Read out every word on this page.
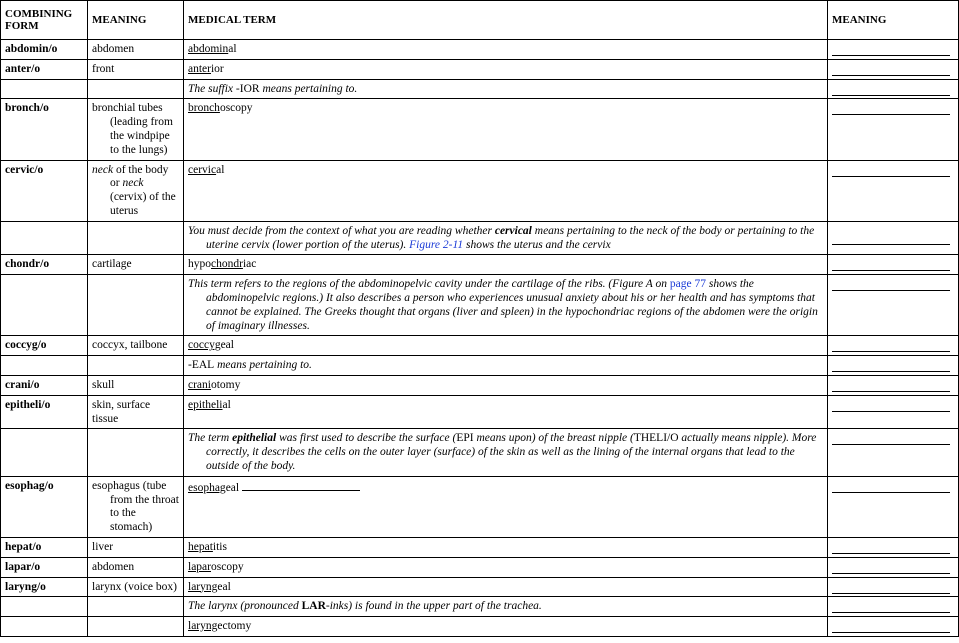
COMBINING FORM	MEANING	MEDICAL TERM	MEANING
abdomin/o	abdomen	abdominal	

anter/o	front	anterior	

		The suffix -IOR means pertaining to.	

bronch/o	bronchial tubes (leading from the windpipe to the lungs)	bronchoscopy	

cervic/o	neck of the body or neck (cervix) of the uterus	cervical	

		You must decide from the context of what you are reading whether cervical means pertaining to the neck of the body or pertaining to the uterine cervix (lower portion of the uterus). Figure 2-11 shows the uterus and the cervix	

chondr/o	cartilage	hypochondriac	

		This term refers to the regions of the abdominopelvic cavity under the cartilage of the ribs. (Figure A on page 77 shows the abdominopelvic regions.) It also describes a person who experiences unusual anxiety about his or her health and has symptoms that cannot be explained. The Greeks thought that organs (liver and spleen) in the hypochondriac regions of the abdomen were the origin of imaginary illnesses.	

coccyg/o	coccyx, tailbone	coccygeal	

		-EAL means pertaining to.	

crani/o	skull	craniotomy	

epitheli/o	skin, surface tissue	epithelial	

		The term epithelial was first used to describe the surface (EPI means upon) of the breast nipple (THELI/O actually means nipple). More correctly, it describes the cells on the outer layer (surface) of the skin as well as the lining of the internal organs that lead to the outside of the body.	

esophag/o	esophagus (tube from the throat to the stomach)	esophageal	

hepat/o	liver	hepatitis	

lapar/o	abdomen	laparoscopy	

laryng/o	larynx (voice box)	laryngeal	

		The larynx (pronounced LAR-inks) is found in the upper part of the trachea.	

		laryngectomy	
